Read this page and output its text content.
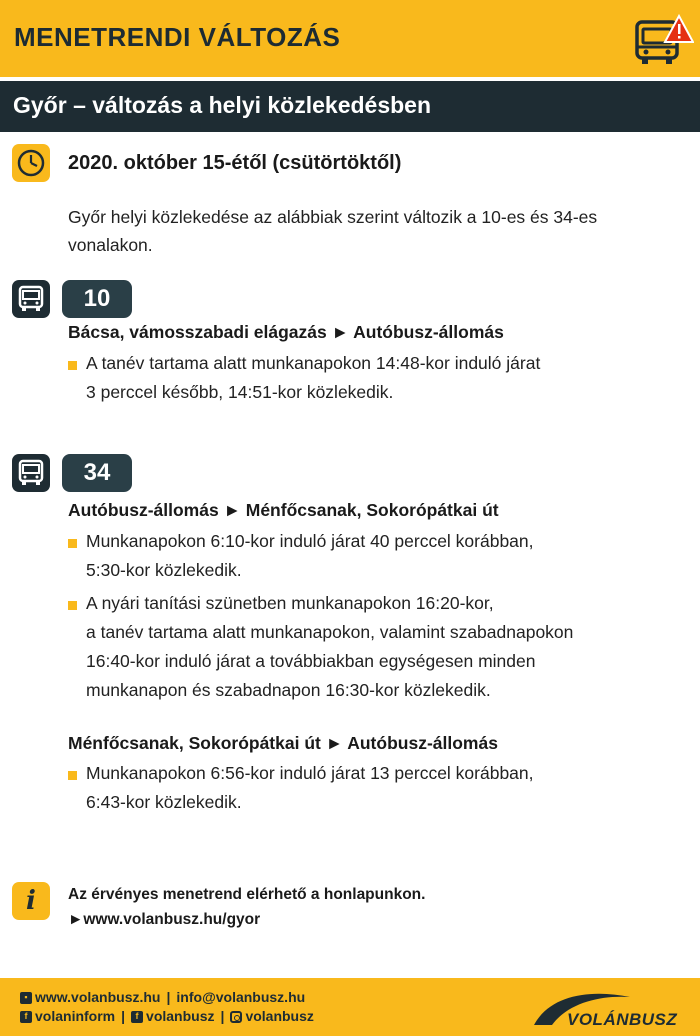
MENETRENDI VÁLTOZÁS
Győr – változás a helyi közlekedésben
2020. október 15-étől (csütörtöktől)
Győr helyi közlekedése az alábbiak szerint változik a 10-es és 34-es vonalakon.
10
Bácsa, vámosszabadi elágazás ► Autóbusz-állomás
A tanév tartama alatt munkanapokon 14:48-kor induló járat
3 perccel később, 14:51-kor közlekedik.
34
Autóbusz-állomás ► Ménfőcsanak, Sokorópátkai út
Munkanapokon 6:10-kor induló járat 40 perccel korábban,
5:30-kor közlekedik.
A nyári tanítási szünetben munkanapokon 16:20-kor,
a tanév tartama alatt munkanapokon, valamint szabadnapokon
16:40-kor induló járat a továbbiakban egységesen minden
munkanapon és szabadnapon 16:30-kor közlekedik.
Ménfőcsanak, Sokorópátkai út ► Autóbusz-állomás
Munkanapokon 6:56-kor induló járat 13 perccel korábban,
6:43-kor közlekedik.
i	Az érvényes menetrend elérhető a honlapunkon.
►www.volanbusz.hu/gyor
▪ www.volanbusz.hu | info@volanbusz.hu
f volaninform |	f volanbusz | volanbusz	VOLÁNBUSZ
